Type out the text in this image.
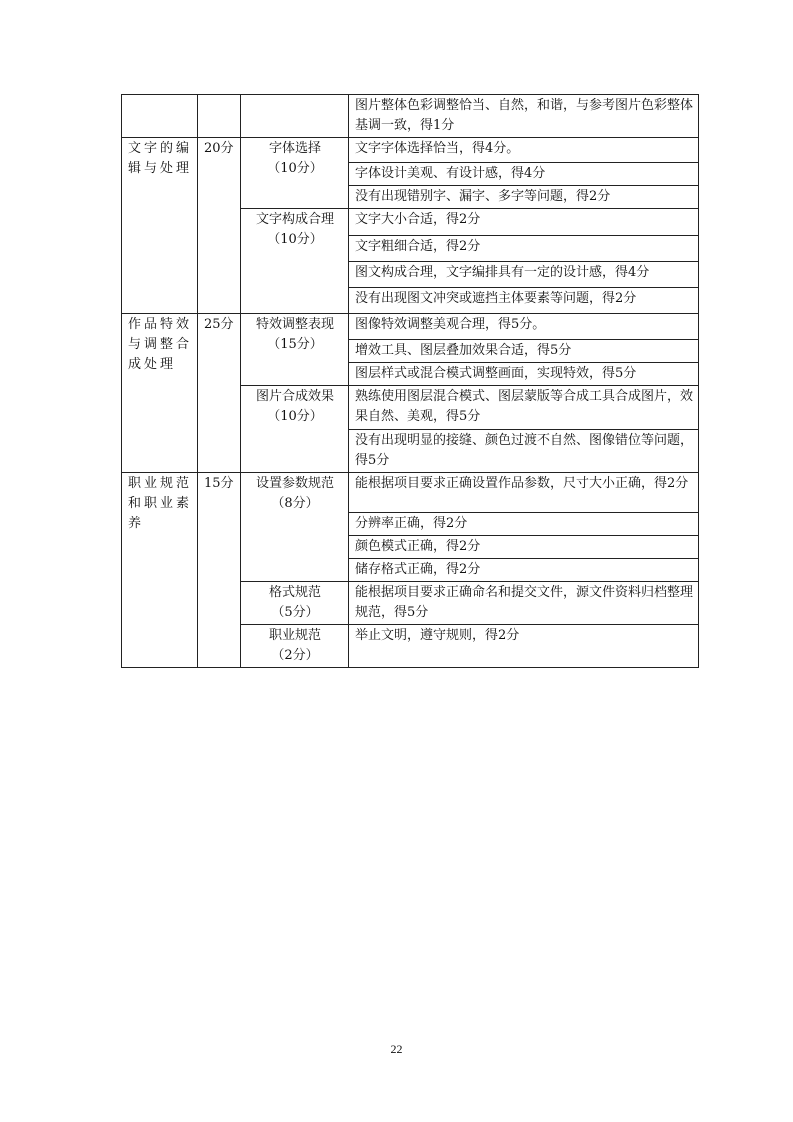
			图片整体色彩调整恰当、自然，和谐，与参考图片色彩整体基调一致，得1分
文字的编辑与处理	20分	字体选择
（10分）	文字字体选择恰当，得4分。
			字体设计美观、有设计感，得4分
			没有出现错别字、漏字、多字等问题，得2分

		文字构成合理
（10分）	文字大小合适，得2分
			文字粗细合适，得2分
			图文构成合理，文字编排具有一定的设计感，得4分
			没有出现图文冲突或遮挡主体要素等问题，得2分
作品特效与调整合成处理	25分	特效调整表现
（15分）	图像特效调整美观合理，得5分。
			增效工具、图层叠加效果合适，得5分
			图层样式或混合模式调整画面，实现特效，得5分

		图片合成效果
（10分）	熟练使用图层混合模式、图层蒙版等合成工具合成图片，效果自然、美观，得5分
			没有出现明显的接缝、颜色过渡不自然、图像错位等问题，得5分
职业规范和职业素养	15分	设置参数规范
（8分）	能根据项目要求正确设置作品参数，尺寸大小正确，得2分
			分辨率正确，得2分
			颜色模式正确，得2分
			储存格式正确，得2分

		格式规范
（5分）	能根据项目要求正确命名和提交文件，源文件资料归档整理规范，得5分

		职业规范
（2分）	举止文明，遵守规则，得2分
22
